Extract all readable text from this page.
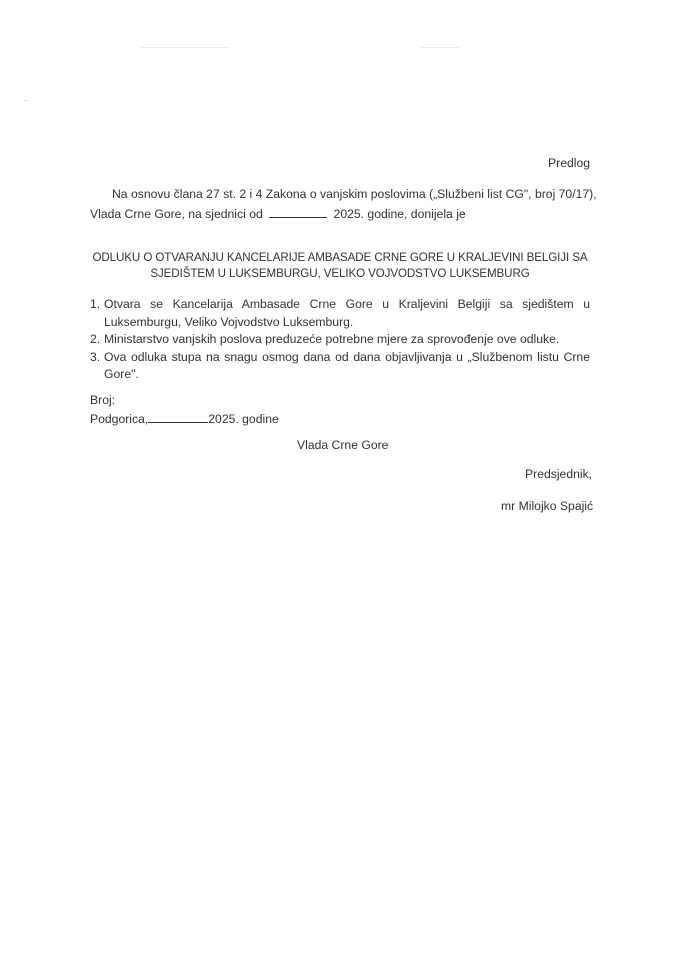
Predlog
Na osnovu člana 27 st. 2 i 4 Zakona o vanjskim poslovima („Službeni list CG", broj 70/17),
Vlada Crne Gore, na sjednici od	2025. godine, donijela je
ODLUKU O OTVARANJU KANCELARIJE AMBASADE CRNE GORE U KRALJEVINI BELGIJI SA
SJEDIŠTEM U LUKSEMBURGU, VELIKO VOJVODSTVO LUKSEMBURG
1. Otvara se Kancelarija Ambasade Crne Gore u Kraljevini Belgiji sa sjedištem u Luksemburgu, Veliko Vojvodstvo Luksemburg.
2. Ministarstvo vanjskih poslova preduzeće potrebne mjere za sprovođenje ove odluke.
3. Ova odluka stupa na snagu osmog dana od dana objavljivanja u „Službenom listu Crne Gore".
Broj:
Podgorica,	2025. godine
Vlada Crne Gore
Predsjednik,
mr Milojko Spajić
